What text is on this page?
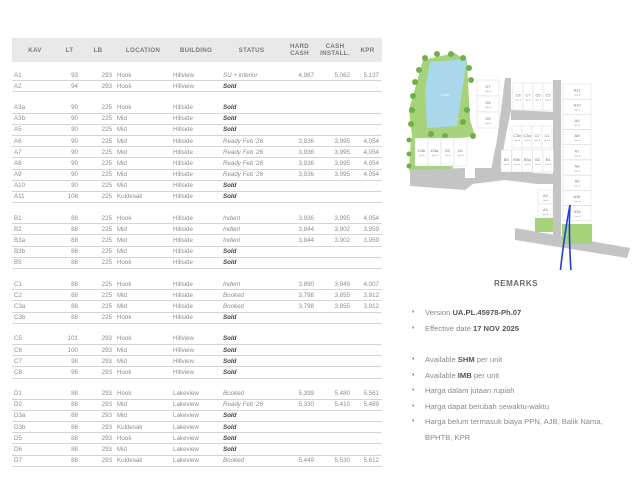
KAV	LT	LB	LOCATION	BUILDING	STATUS	HARD CASH	CASH INSTALL.	KPR

A1	93	293	Hook	Hillview	SU + interior	4,987	5,062	5,137
A2	94	293	Hook	Hillview	Sold			

A3a	90	225	Hook	Hillside	Sold			
A3b	90	225	Mid	Hillside	Sold			
A5	90	225	Mid	Hillside	Sold			
A6	90	225	Mid	Hillside	Ready Feb '26	3,936	3,995	4,054
A7	90	225	Mid	Hillside	Ready Feb '26	3,936	3,995	4,054
A8	90	225	Mid	Hillside	Ready Feb '26	3,936	3,995	4,054
A9	90	225	Mid	Hillside	Ready Feb '26	3,936	3,995	4,054
A10	90	225	Mid	Hillside	Sold			
A11	108	225	Kuldesak	Hillside	Sold			

B1	88	225	Hook	Hillside	Indent	3,936	3,995	4,054
B2	88	225	Mid	Hillside	Indent	3,844	3,902	3,959
B3a	88	225	Mid	Hillside	Indent	3,844	3,902	3,959
B3b	88	225	Mid	Hillside	Sold			
B5	88	225	Hook	Hillside	Sold			

C1	88	225	Hook	Hillside	Indent	3,890	3,949	4,007
C2	88	225	Mid	Hillside	Booked	3,798	3,855	3,912
C3a	88	225	Mid	Hillside	Booked	3,798	3,855	3,912
C3b	88	225	Hook	Hillside	Sold			

C5	101	293	Hook	Hillview	Sold			
C6	100	293	Mid	Hillview	Sold			
C7	98	293	Mid	Hillview	Sold			
C8	96	293	Hook	Hillview	Sold			

D1	88	293	Hook	Lakeview	Booked	5,399	5,480	5,561
D2	88	293	Mid	Lakeview	Ready Feb '26	5,330	5,410	5,489
D3a	88	293	Mid	Lakeview	Sold			
D3b	88	293	Kuldesak	Lakeview	Sold			
D5	88	293	Hook	Lakeview	Sold			
D6	88	293	Mid	Lakeview	Sold			
D7	88	293	Kuldesak	Lakeview	Booked	5,449	5,530	5,612
LAKE
A11
Type A
A10
Type A
A9
Type A
A8
Type A
A7
Type A
A6
Type A
A5
Type A
A3b
Type A
A3a
Type A
A2
Type A
A1
Type A
C8
Type A
C7
Type A
C6
Type A
C5
Type A
C3b
Type A
C3a
Type A
C2
Type A
C1
Type A
B5
Type A
B3b
Type A
B3a
Type A
B2
Type A
B1
Type A
D3b
Type A
D3a
Type A
D2
Type A
D1
Type A
D7
Type A
D6
Type A
D5
Type A
REMARKS
• Version UA.PL.45978-Ph.07
• Effective date 17 NOV 2025
• Available SHM per unit
• Available IMB per unit
• Harga dalam jutaan rupiah
• Harga dapat berubah sewaktu-waktu
• Harga belum termasuk biaya PPN, AJB, Balik Nama, BPHTB, KPR
